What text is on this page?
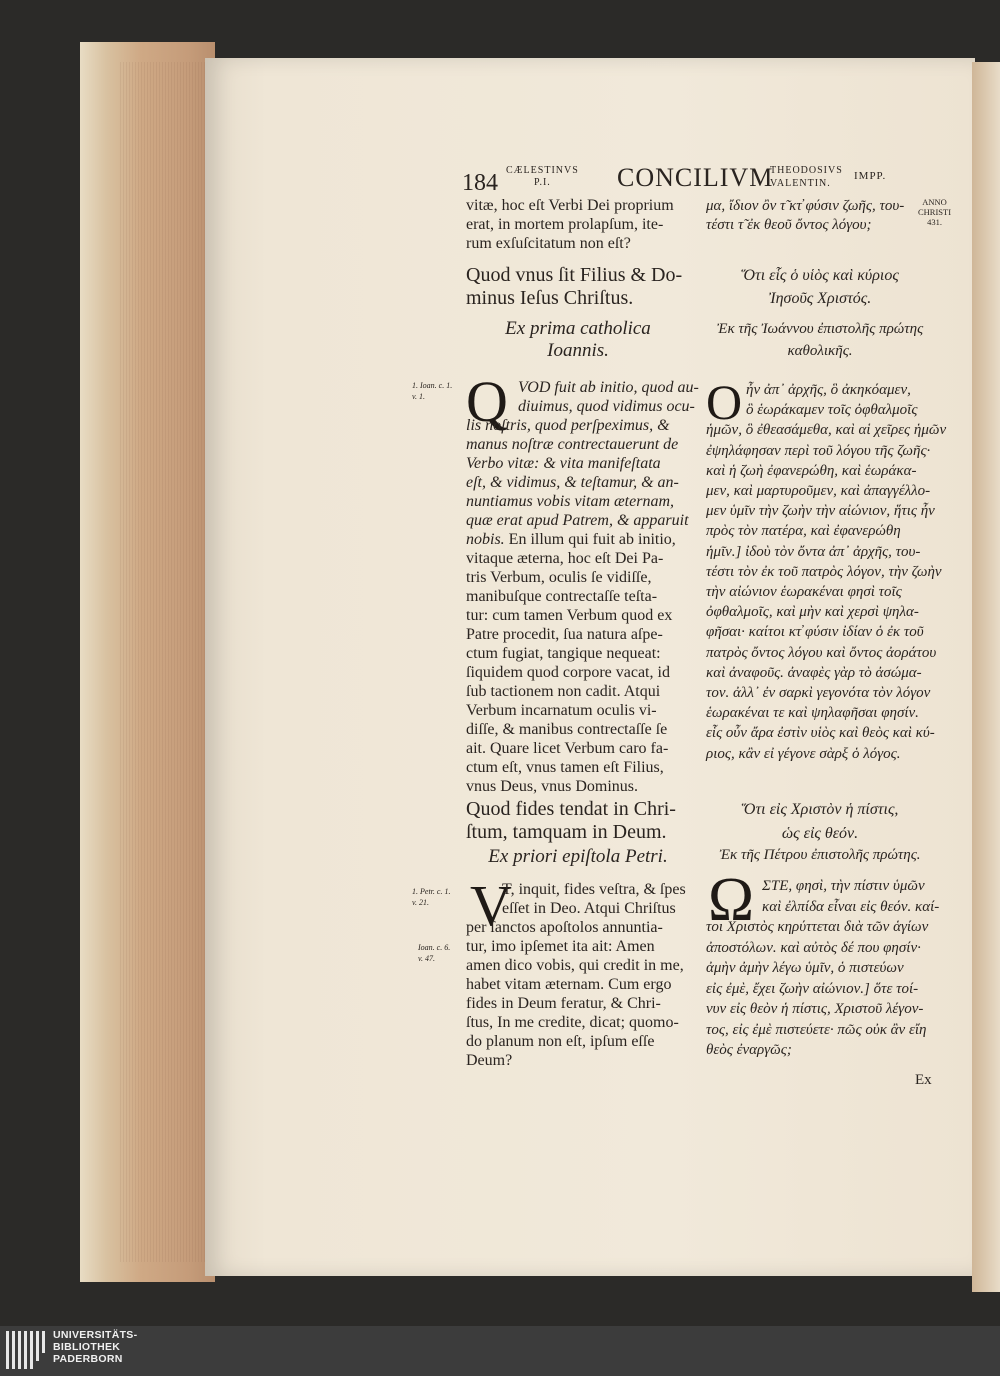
184 CÆLESTINVS
P.I.	CONCILIVM
THEODOSIVS
VALENTIN.
IMPP.
ANNO
CHRISTI
431.
vitæ, hoc eſt Verbi Dei proprium
erat, in mortem prolapſum, ite-
rum exſuſcitatum non eſt?
Quod vnus ſit Filius & Do-
minus Ieſus Chriſtus.
Ex prima catholica
Ioannis.
Q VOD fuit ab initio, quod au-
diuimus, quod vidimus ocu-
lis noſtris, quod perſpeximus, &
manus noſtræ contrectauerunt de
Verbo vitæ: & vita manifeſtata
eſt, & vidimus, & teſtamur, & an-
nuntiamus vobis vitam æternam,
quæ erat apud Patrem, & apparuit
nobis. En illum qui fuit ab initio,
vitaque æterna, hoc eſt Dei Pa-
tris Verbum, oculis ſe vidiſſe,
manibuſque contrectaſſe teſta-
tur: cum tamen Verbum quod ex
Patre procedit, ſua natura aſpe-
ctum fugiat, tangique nequeat:
ſiquidem quod corpore vacat, id
ſub tactionem non cadit. Atqui
Verbum incarnatum oculis vi-
diſſe, & manibus contrectaſſe ſe
ait. Quare licet Verbum caro fa-
ctum eſt, vnus tamen eſt Filius,
vnus Deus, vnus Dominus.
Quod fides tendat in Chri-
ſtum, tamquam in Deum.
Ex priori epiſtola Petri.
V
T, inquit, fides veſtra, & ſpes
eſſet in Deo. Atqui Chriſtus
per ſanctos apoſtolos annuntia-
tur, imo ipſemet ita ait: Amen
amen dico vobis, qui credit in me,
habet vitam æternam. Cum ergo
fides in Deum feratur, & Chri-
ſtus, In me credite, dicat; quomo-
do planum non eſt, ipſum eſſe
Deum?
μα, ἴδιον ὂν τ̃ κτ̓ φύσιν ζωῆς, του-
τέστι τ̃ ἐκ θεοῦ ὄντος λόγου;
Ὅτι εἷς ὁ υἱὸς καὶ κύριος
Ἰησοῦς Χριστός.
Ἐκ τῆς Ἰωάννου ἐπιστολῆς πρώτης
καθολικῆς.
Ο ἦν ἀπ᾽ ἀρχῆς, ὃ ἀκηκόαμεν,
ὃ ἑωράκαμεν τοῖς ὀφθαλμοῖς
ἡμῶν, ὃ ἐθεασάμεθα, καὶ αἱ χεῖρες ἡμῶν
ἐψηλάφησαν περὶ τοῦ λόγου τῆς ζωῆς·
καὶ ἡ ζωὴ ἐφανερώθη, καὶ ἑωράκα-
μεν, καὶ μαρτυροῦμεν, καὶ ἀπαγγέλλο-
μεν ὑμῖν τὴν ζωὴν τὴν αἰώνιον, ἥτις ἦν
πρὸς τὸν πατέρα, καὶ ἐφανερώθη
ἡμῖν.] ἰδοὺ τὸν ὄντα ἀπ᾽ ἀρχῆς, του-
τέστι τὸν ἐκ τοῦ πατρὸς λόγον, τὴν ζωὴν
τὴν αἰώνιον ἑωρακέναι φησὶ τοῖς
ὀφθαλμοῖς, καὶ μὴν καὶ χερσὶ ψηλα-
φῆσαι· καίτοι κτ̓ φύσιν ἰδίαν ὁ ἐκ τοῦ
πατρὸς ὄντος λόγου καὶ ὄντος ἀοράτου
καὶ ἀναφοῦς. ἀναφὲς γὰρ τὸ ἀσώμα-
τον. ἀλλ᾽ ἐν σαρκὶ γεγονότα τὸν λόγον
ἑωρακέναι τε καὶ ψηλαφῆσαι φησίν.
εἷς οὖν ἄρα ἐστὶν υἱὸς καὶ θεὸς καὶ κύ-
ριος, κἂν εἰ γέγονε σὰρξ ὁ λόγος.
Ὅτι εἰς Χριστὸν ἡ πίστις,
ὡς εἰς θεόν.
Ἐκ τῆς Πέτρου ἐπιστολῆς πρώτης.
Ω ΣΤΕ, φησὶ, τὴν πίστιν ὑμῶν
καὶ ἐλπίδα εἶναι εἰς θεόν. καί-
τοι Χριστὸς κηρύττεται διὰ τῶν ἁγίων
ἀποστόλων. καὶ αὐτὸς δέ που φησίν·
ἀμὴν ἀμὴν λέγω ὑμῖν, ὁ πιστεύων
εἰς ἐμὲ, ἔχει ζωὴν αἰώνιον.] ὅτε τοί-
νυν εἰς θεὸν ἡ πίστις, Χριστοῦ λέγον-
τος, εἰς ἐμὲ πιστεύετε· πῶς οὐκ ἂν εἴη
θεὸς ἐναργῶς;
Ex
1. Ioan. c. 1.
v. 1.
1. Petr. c. 1.
v. 21.
Ioan. c. 6.
v. 47.
UNIVERSITÄTS-
BIBLIOTHEK
PADERBORN
